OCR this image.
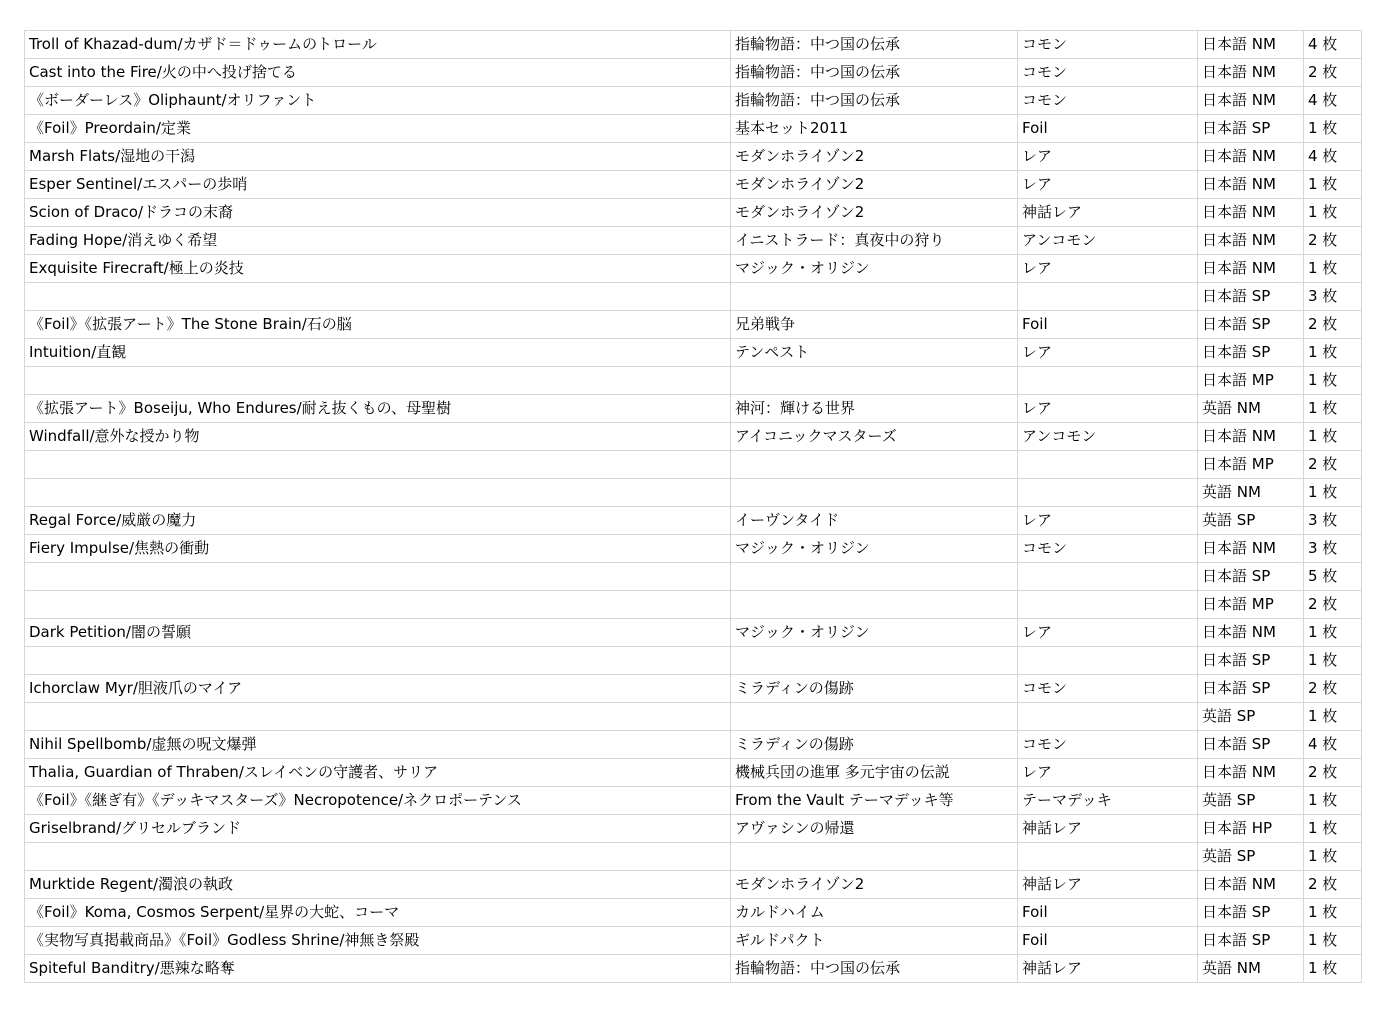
Troll of Khazad-dum/カザド＝ドゥームのトロール	指輪物語：中つ国の伝承	コモン	日本語 NM	4 枚
Cast into the Fire/火の中へ投げ捨てる	指輪物語：中つ国の伝承	コモン	日本語 NM	2 枚
《ボーダーレス》Oliphaunt/オリファント	指輪物語：中つ国の伝承	コモン	日本語 NM	4 枚
《Foil》Preordain/定業	基本セット2011	Foil	日本語 SP	1 枚
Marsh Flats/湿地の干潟	モダンホライゾン2	レア	日本語 NM	4 枚
Esper Sentinel/エスパーの歩哨	モダンホライゾン2	レア	日本語 NM	1 枚
Scion of Draco/ドラコの末裔	モダンホライゾン2	神話レア	日本語 NM	1 枚
Fading Hope/消えゆく希望	イニストラード：真夜中の狩り	アンコモン	日本語 NM	2 枚
Exquisite Firecraft/極上の炎技	マジック・オリジン	レア	日本語 NM	1 枚
			日本語 SP	3 枚
《Foil》《拡張アート》The Stone Brain/石の脳	兄弟戦争	Foil	日本語 SP	2 枚
Intuition/直観	テンペスト	レア	日本語 SP	1 枚
			日本語 MP	1 枚
《拡張アート》Boseiju, Who Endures/耐え抜くもの、母聖樹	神河：輝ける世界	レア	英語 NM	1 枚
Windfall/意外な授かり物	アイコニックマスターズ	アンコモン	日本語 NM	1 枚
			日本語 MP	2 枚
			英語 NM	1 枚
Regal Force/威厳の魔力	イーヴンタイド	レア	英語 SP	3 枚
Fiery Impulse/焦熱の衝動	マジック・オリジン	コモン	日本語 NM	3 枚
			日本語 SP	5 枚
			日本語 MP	2 枚
Dark Petition/闇の誓願	マジック・オリジン	レア	日本語 NM	1 枚
			日本語 SP	1 枚
Ichorclaw Myr/胆液爪のマイア	ミラディンの傷跡	コモン	日本語 SP	2 枚
			英語 SP	1 枚
Nihil Spellbomb/虚無の呪文爆弾	ミラディンの傷跡	コモン	日本語 SP	4 枚
Thalia, Guardian of Thraben/スレイベンの守護者、サリア	機械兵団の進軍 多元宇宙の伝説	レア	日本語 NM	2 枚
《Foil》《継ぎ有》《デッキマスターズ》Necropotence/ネクロポーテンス	From the Vault テーマデッキ等	テーマデッキ	英語 SP	1 枚
Griselbrand/グリセルブランド	アヴァシンの帰還	神話レア	日本語 HP	1 枚
			英語 SP	1 枚
Murktide Regent/濁浪の執政	モダンホライゾン2	神話レア	日本語 NM	2 枚
《Foil》Koma, Cosmos Serpent/星界の大蛇、コーマ	カルドハイム	Foil	日本語 SP	1 枚
《実物写真掲載商品》《Foil》Godless Shrine/神無き祭殿	ギルドパクト	Foil	日本語 SP	1 枚
Spiteful Banditry/悪辣な略奪	指輪物語：中つ国の伝承	神話レア	英語 NM	1 枚
